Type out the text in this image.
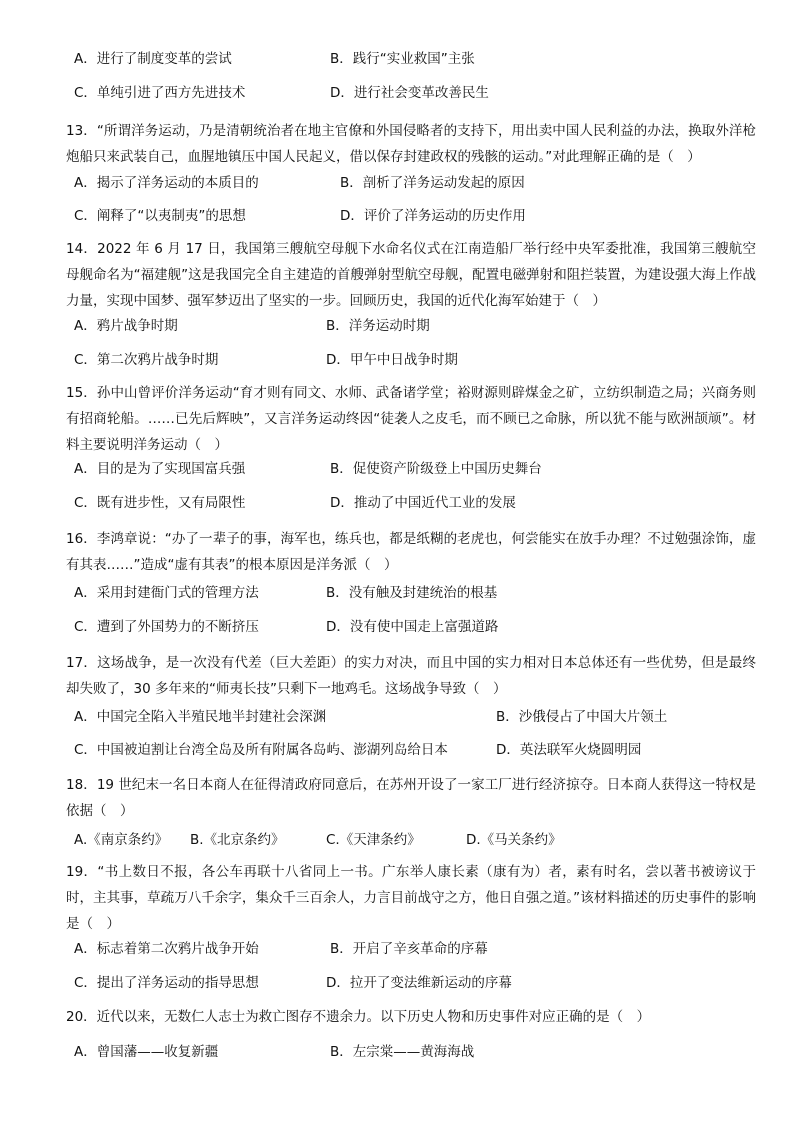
A．进行了制度变革的尝试	B．践行“实业救国”主张
C．单纯引进了西方先进技术	D．进行社会变革改善民生

13．“所谓洋务运动，乃是清朝统治者在地主官僚和外国侵略者的支持下，用出卖中国人民利益的办法，换取外洋枪炮船只来武装自己，血腥地镇压中国人民起义，借以保存封建政权的残骸的运动。”对此理解正确的是（　）

A．揭示了洋务运动的本质目的	B．剖析了洋务运动发起的原因
C．阐释了“以夷制夷”的思想	D．评价了洋务运动的历史作用

14．2022 年 6 月 17 日，我国第三艘航空母舰下水命名仪式在江南造船厂举行经中央军委批准，我国第三艘航空母舰命名为“福建舰”这是我国完全自主建造的首艘弹射型航空母舰，配置电磁弹射和阻拦装置，为建设强大海上作战力量，实现中国梦、强军梦迈出了坚实的一步。回顾历史，我国的近代化海军始建于（　）

A．鸦片战争时期	B．洋务运动时期
C．第二次鸦片战争时期	D．甲午中日战争时期

15．孙中山曾评价洋务运动“育才则有同文、水师、武备诸学堂；裕财源则辟煤金之矿，立纺织制造之局；兴商务则有招商轮船。……已先后辉映”，又言洋务运动终因“徒袭人之皮毛，而不顾已之命脉，所以犹不能与欧洲颉颃”。材料主要说明洋务运动（　）

A．目的是为了实现国富兵强	B．促使资产阶级登上中国历史舞台
C．既有进步性，又有局限性	D．推动了中国近代工业的发展

16．李鸿章说：“办了一辈子的事，海军也，练兵也，都是纸糊的老虎也，何尝能实在放手办理？不过勉强涂饰，虚有其表……”造成“虚有其表”的根本原因是洋务派（　）

A．采用封建衙门式的管理方法	B．没有触及封建统治的根基
C．遭到了外国势力的不断挤压	D．没有使中国走上富强道路

17．这场战争，是一次没有代差（巨大差距）的实力对决，而且中国的实力相对日本总体还有一些优势，但是最终却失败了，30 多年来的“师夷长技”只剩下一地鸡毛。这场战争导致（　）

A．中国完全陷入半殖民地半封建社会深渊	B．沙俄侵占了中国大片领土
C．中国被迫割让台湾全岛及所有附属各岛屿、澎湖列岛给日本	D．英法联军火烧圆明园

18．19 世纪末一名日本商人在征得清政府同意后，在苏州开设了一家工厂进行经济掠夺。日本商人获得这一特权是依据（　）

A.《南京条约》 B.《北京条约》	C.《天津条约》	D.《马关条约》

19．“书上数日不报，各公车再联十八省同上一书。广东举人康长素（康有为）者，素有时名，尝以著书被谤议于时，主其事，草疏万八千余字，集众千三百余人，力言目前战守之方，他日自强之道。”该材料描述的历史事件的影响是（　）

A．标志着第二次鸦片战争开始	B．开启了辛亥革命的序幕
C．提出了洋务运动的指导思想	D．拉开了变法维新运动的序幕

20．近代以来，无数仁人志士为救亡图存不遗余力。以下历史人物和历史事件对应正确的是（　）

A．曾国藩——收复新疆	B．左宗棠——黄海海战
